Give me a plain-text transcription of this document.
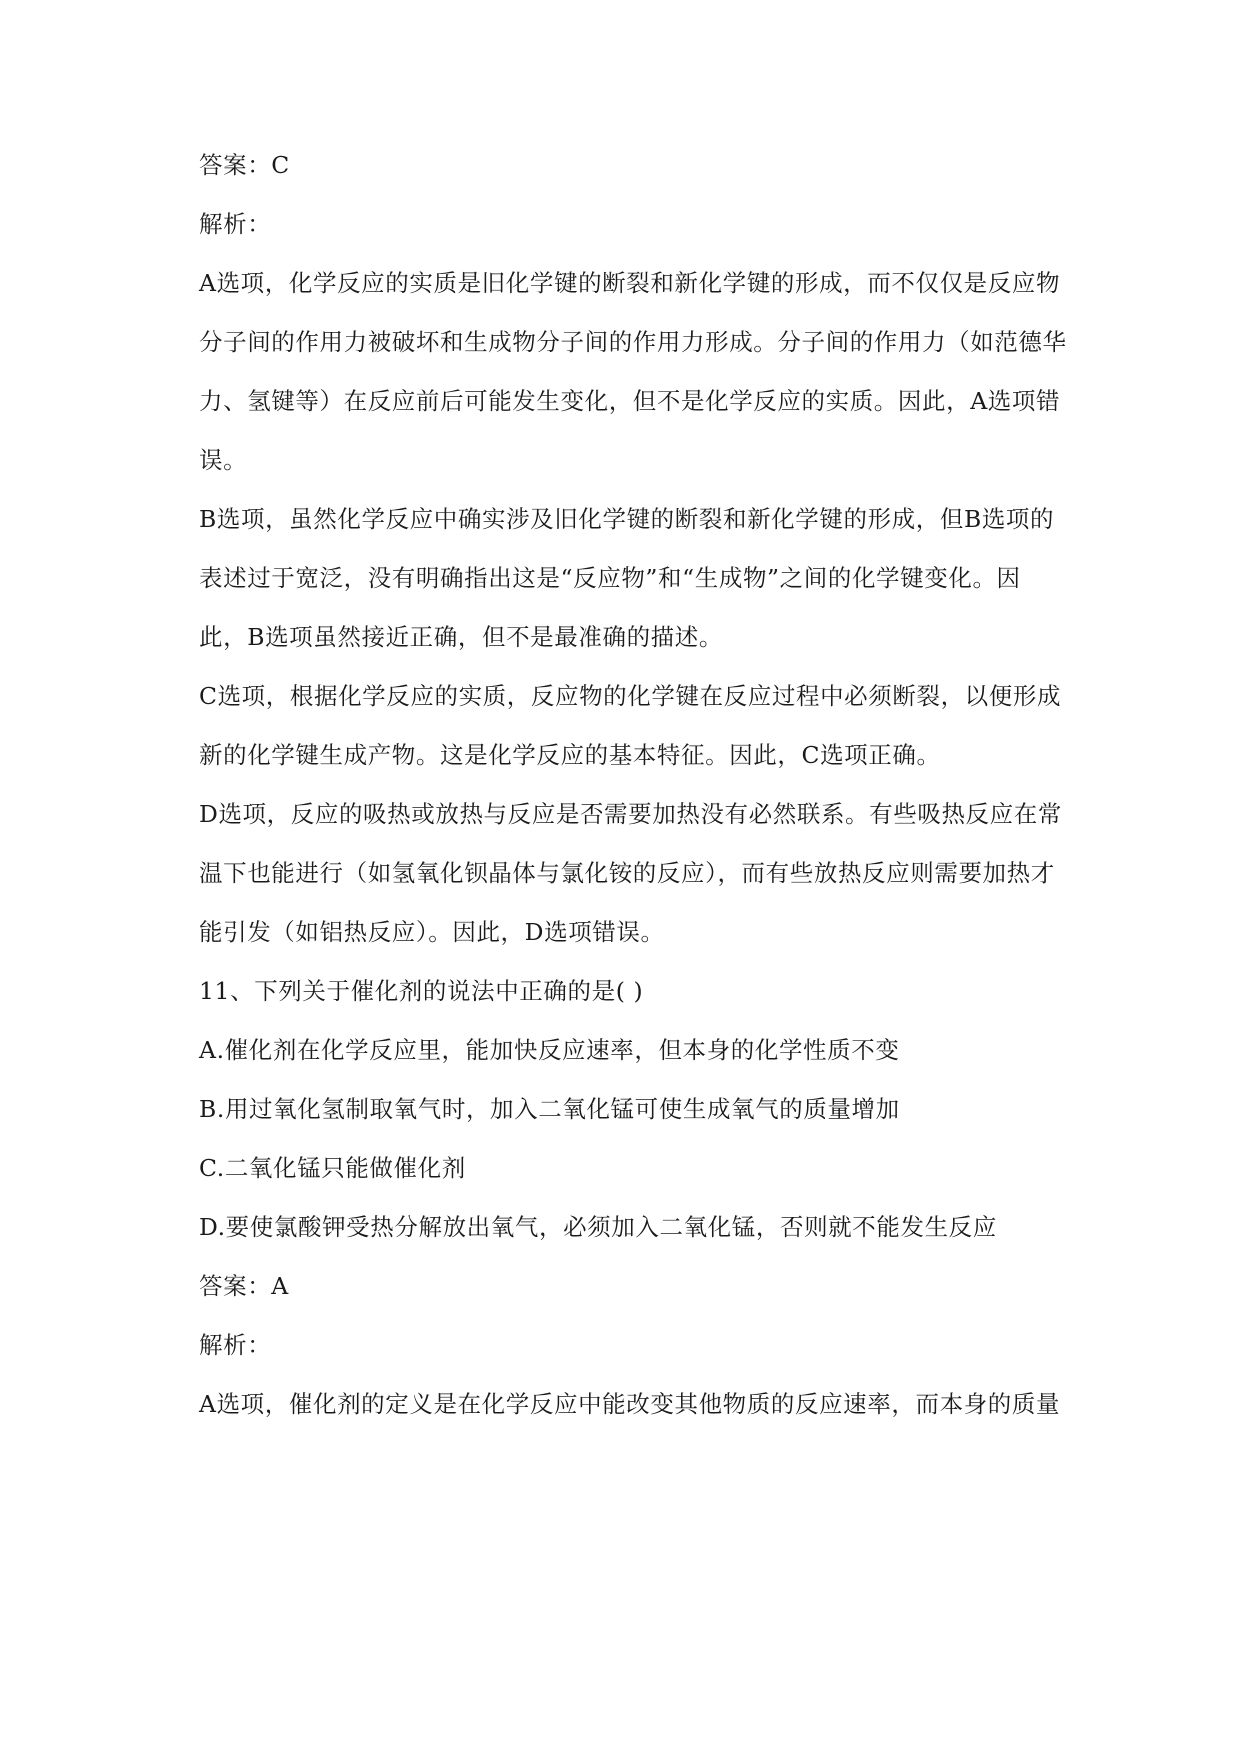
答案：C

解析：

A选项，化学反应的实质是旧化学键的断裂和新化学键的形成，而不仅仅是反应物

分子间的作用力被破坏和生成物分子间的作用力形成。分子间的作用力（如范德华

力、氢键等）在反应前后可能发生变化，但不是化学反应的实质。因此，A选项错

误。

B选项，虽然化学反应中确实涉及旧化学键的断裂和新化学键的形成，但B选项的

表述过于宽泛，没有明确指出这是“反应物”和“生成物”之间的化学键变化。因

此，B选项虽然接近正确，但不是最准确的描述。

C选项，根据化学反应的实质，反应物的化学键在反应过程中必须断裂，以便形成

新的化学键生成产物。这是化学反应的基本特征。因此，C选项正确。

D选项，反应的吸热或放热与反应是否需要加热没有必然联系。有些吸热反应在常

温下也能进行（如氢氧化钡晶体与氯化铵的反应），而有些放热反应则需要加热才

能引发（如铝热反应）。因此，D选项错误。

11、下列关于催化剂的说法中正确的是( )

A.催化剂在化学反应里，能加快反应速率，但本身的化学性质不变

B.用过氧化氢制取氧气时，加入二氧化锰可使生成氧气的质量增加

C.二氧化锰只能做催化剂

D.要使氯酸钾受热分解放出氧气，必须加入二氧化锰，否则就不能发生反应

答案：A

解析：

A选项，催化剂的定义是在化学反应中能改变其他物质的反应速率，而本身的质量
